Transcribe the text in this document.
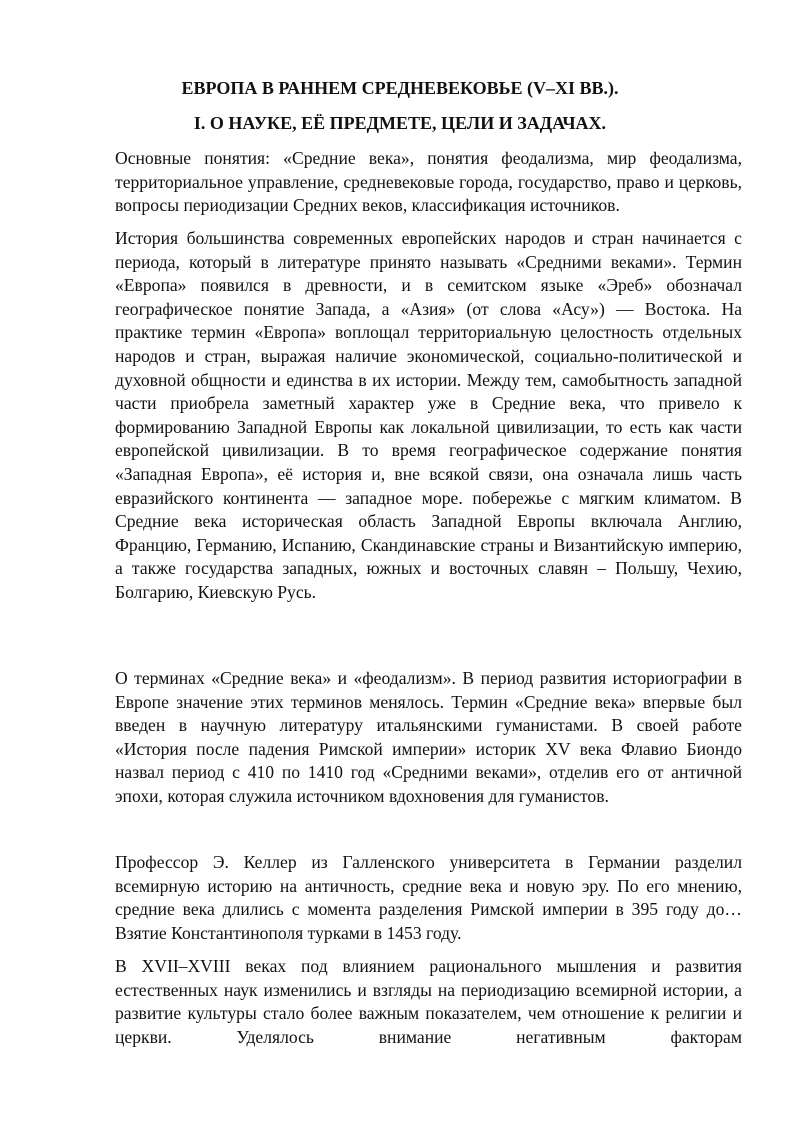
ЕВРОПА В РАННЕМ СРЕДНЕВЕКОВЬЕ (V–XI ВВ.).
I. О НАУКЕ, ЕЁ ПРЕДМЕТЕ, ЦЕЛИ И ЗАДАЧАХ.

Основные понятия: «Средние века», понятия феодализма, мир феодализма, территориальное управление, средневековые города, государство, право и церковь, вопросы периодизации Средних веков, классификация источников.

История большинства современных европейских народов и стран начинается с периода, который в литературе принято называть «Средними веками». Термин «Европа» появился в древности, и в семитском языке «Эреб» обозначал географическое понятие Запада, а «Азия» (от слова «Асу») — Востока. На практике термин «Европа» воплощал территориальную целостность отдельных народов и стран, выражая наличие экономической, социально-политической и духовной общности и единства в их истории. Между тем, самобытность западной части приобрела заметный характер уже в Средние века, что привело к формированию Западной Европы как локальной цивилизации, то есть как части европейской цивилизации. В то время географическое содержание понятия «Западная Европа», её история и, вне всякой связи, она означала лишь часть евразийского континента — западное море. побережье с мягким климатом. В Средние века историческая область Западной Европы включала Англию, Францию, Германию, Испанию, Скандинавские страны и Византийскую империю, а также государства западных, южных и восточных славян – Польшу, Чехию, Болгарию, Киевскую Русь.

О терминах «Средние века» и «феодализм». В период развития историографии в Европе значение этих терминов менялось. Термин «Средние века» впервые был введен в научную литературу итальянскими гуманистами. В своей работе «История после падения Римской империи» историк XV века Флавио Биондо назвал период с 410 по 1410 год «Средними веками», отделив его от античной эпохи, которая служила источником вдохновения для гуманистов.

Профессор Э. Келлер из Галленского университета в Германии разделил всемирную историю на античность, средние века и новую эру. По его мнению, средние века длились с момента разделения Римской империи в 395 году до… Взятие Константинополя турками в 1453 году.

В XVII–XVIII веках под влиянием рационального мышления и развития естественных наук изменились и взгляды на периодизацию всемирной истории, а развитие культуры стало более важным показателем, чем отношение к религии и церкви. Уделялось внимание негативным факторам
